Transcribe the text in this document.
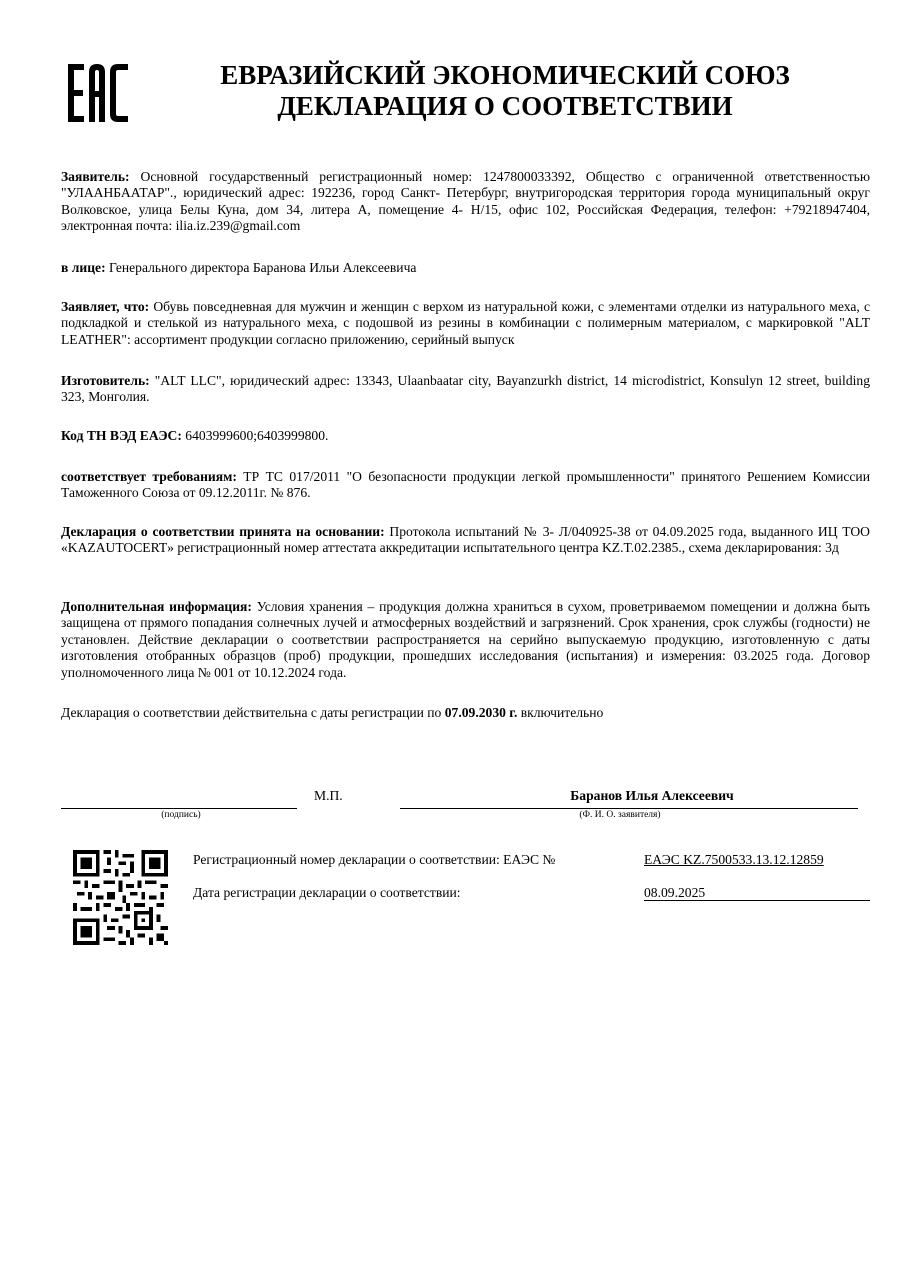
ЕВРАЗИЙСКИЙ ЭКОНОМИЧЕСКИЙ СОЮЗ
ДЕКЛАРАЦИЯ О СООТВЕТСТВИИ
Заявитель: Основной государственный регистрационный номер: 1247800033392, Общество с ограниченной ответственностью "УЛААНБААТАР"., юридический адрес: 192236, город Санкт- Петербург, внутригородская территория города муниципальный округ Волковское, улица Белы Куна, дом 34, литера А, помещение 4- Н/15, офис 102, Российская Федерация, телефон: +79218947404, электронная почта: ilia.iz.239@gmail.com
в лице: Генерального директора Баранова Ильи Алексеевича
Заявляет, что: Обувь повседневная для мужчин и женщин с верхом из натуральной кожи, с элементами отделки из натурального меха, с подкладкой и стелькой из натурального меха, с подошвой из резины в комбинации с полимерным материалом, с маркировкой "ALT LEATHER": ассортимент продукции согласно приложению, серийный выпуск
Изготовитель: "ALT LLC", юридический адрес: 13343, Ulaanbaatar city, Bayanzurkh district, 14 microdistrict, Konsulyn 12 street, building 323, Монголия.
Код ТН ВЭД ЕАЭС: 6403999600;6403999800.
соответствует требованиям: ТР ТС 017/2011 "О безопасности продукции легкой промышленности" принятого Решением Комиссии Таможенного Союза от 09.12.2011г. № 876.
Декларация о соответствии принята на основании: Протокола испытаний № 3- Л/040925-38 от 04.09.2025 года, выданного ИЦ ТОО «KAZAUTOCERT» регистрационный номер аттестата аккредитации испытательного центра KZ.T.02.2385., схема декларирования: 3д
Дополнительная информация: Условия хранения – продукция должна храниться в сухом, проветриваемом помещении и должна быть защищена от прямого попадания солнечных лучей и атмосферных воздействий и загрязнений. Срок хранения, срок службы (годности) не установлен. Действие декларации о соответствии распространяется на серийно выпускаемую продукцию, изготовленную с даты изготовления отобранных образцов (проб) продукции, прошедших исследования (испытания) и измерения: 03.2025 года. Договор уполномоченного лица № 001 от 10.12.2024 года.
Декларация о соответствии действительна с даты регистрации по 07.09.2030 г. включительно
(подпись)
М.П.	Баранов Илья Алексеевич
(Ф. И. О. заявителя)
Регистрационный номер декларации о соответствии: ЕАЭС №	ЕАЭС KZ.7500533.13.12.12859
Дата регистрации декларации о соответствии:	08.09.2025
